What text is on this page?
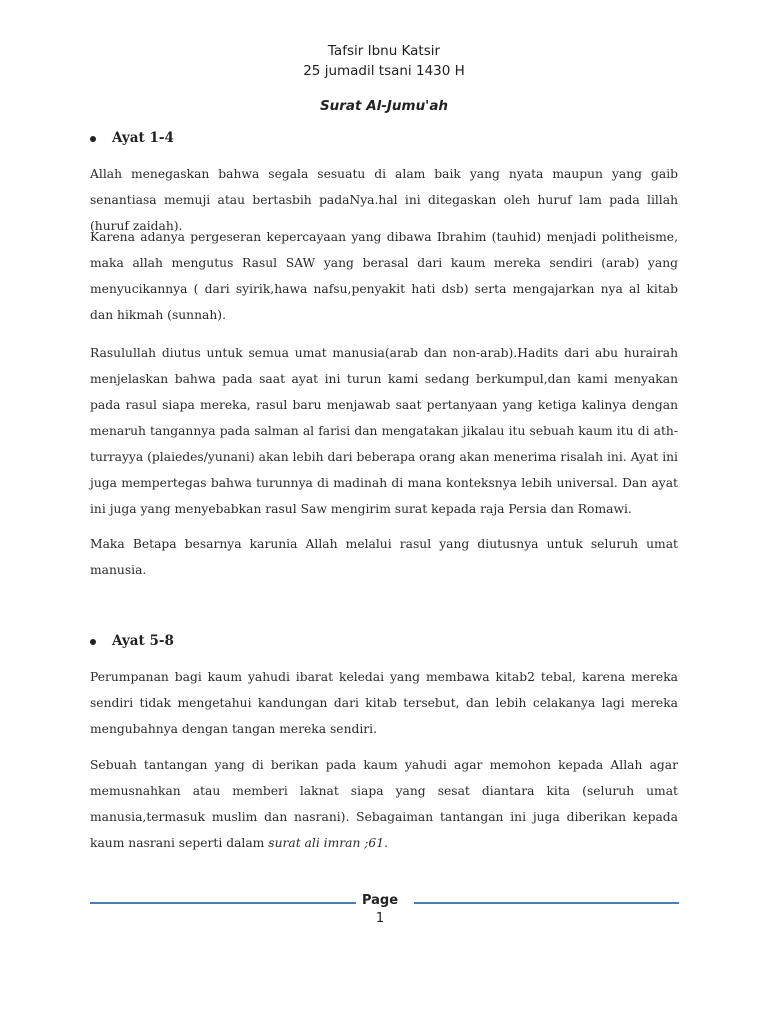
Tafsir Ibnu Katsir
25 jumadil tsani 1430 H
Surat Al-Jumu'ah
Ayat 1-4

Allah menegaskan bahwa segala sesuatu di alam baik yang nyata maupun yang gaib senantiasa memuji atau bertasbih padaNya.hal ini ditegaskan oleh huruf lam pada lillah (huruf zaidah).

Karena adanya pergeseran kepercayaan yang dibawa Ibrahim (tauhid) menjadi politheisme, maka allah mengutus Rasul SAW yang berasal dari kaum mereka sendiri (arab) yang menyucikannya ( dari syirik,hawa nafsu,penyakit hati dsb) serta mengajarkan nya al kitab dan hikmah (sunnah).

Rasulullah diutus untuk semua umat manusia(arab dan non-arab).Hadits dari abu hurairah menjelaskan bahwa pada saat ayat ini turun kami sedang berkumpul,dan kami menyakan pada rasul siapa mereka, rasul baru menjawab saat pertanyaan yang ketiga kalinya dengan menaruh tangannya pada salman al farisi dan mengatakan jikalau itu sebuah kaum itu di ath-turrayya (plaiedes/yunani) akan lebih dari beberapa orang akan menerima risalah ini. Ayat ini juga mempertegas bahwa turunnya di madinah di mana konteksnya lebih universal. Dan ayat ini juga yang menyebabkan rasul Saw mengirim surat kepada raja Persia dan Romawi.

Maka Betapa besarnya karunia Allah melalui rasul yang diutusnya untuk seluruh umat manusia.

Ayat 5-8

Perumpanan bagi kaum yahudi ibarat keledai yang membawa kitab2 tebal, karena mereka sendiri tidak mengetahui kandungan dari kitab tersebut, dan lebih celakanya lagi mereka mengubahnya dengan tangan mereka sendiri.

Sebuah tantangan yang di berikan pada kaum yahudi agar memohon kepada Allah agar memusnahkan atau memberi laknat siapa yang sesat diantara kita (seluruh umat manusia,termasuk muslim dan nasrani). Sebagaiman tantangan ini juga diberikan kepada kaum nasrani seperti dalam surat ali imran ;61.

Page
1
